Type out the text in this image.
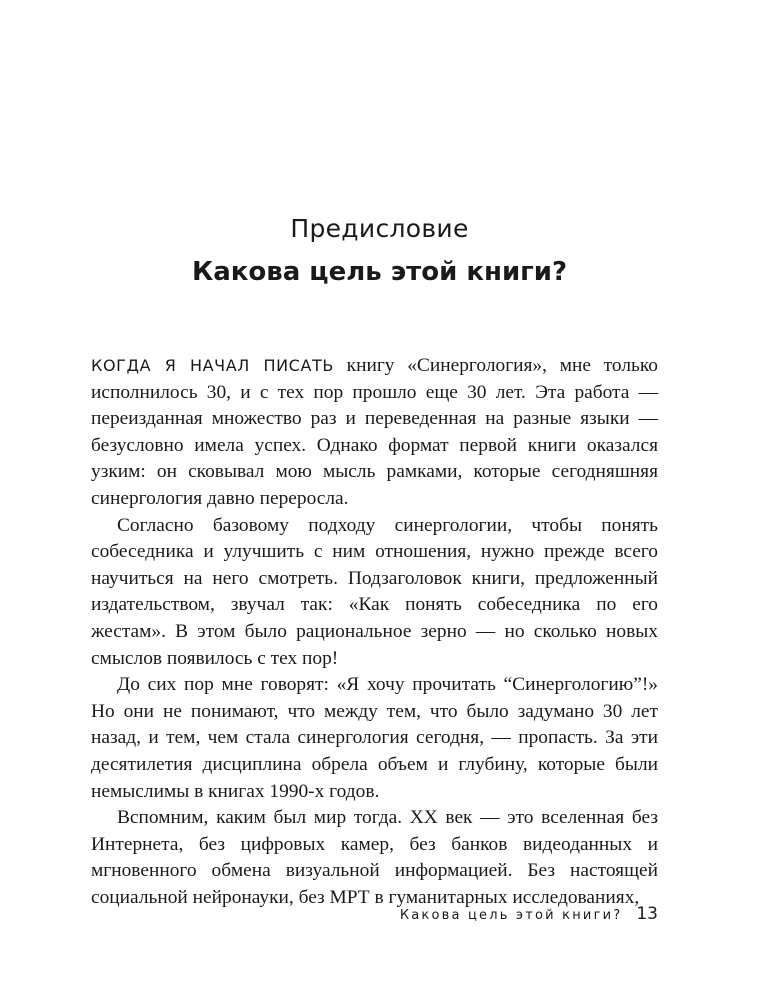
Предисловие
Какова цель этой книги?

КОГДА Я НАЧАЛ ПИСАТЬ книгу «Синергология», мне только исполнилось 30, и с тех пор прошло еще 30 лет. Эта работа — переизданная множество раз и переведенная на разные языки — безусловно имела успех. Однако формат первой книги оказался узким: он сковывал мою мысль рамками, которые сегодняшняя синергология давно переросла.

Согласно базовому подходу синергологии, чтобы понять собеседника и улучшить с ним отношения, нужно прежде всего научиться на него смотреть. Подзаголовок книги, предложенный издательством, звучал так: «Как понять собеседника по его жестам». В этом было рациональное зерно — но сколько новых смыслов появилось с тех пор!

До сих пор мне говорят: «Я хочу прочитать “Синергологию”!» Но они не понимают, что между тем, что было задумано 30 лет назад, и тем, чем стала синергология сегодня, — пропасть. За эти десятилетия дисциплина обрела объем и глубину, которые были немыслимы в книгах 1990-х годов.

Вспомним, каким был мир тогда. XX век — это вселенная без Интернета, без цифровых камер, без банков видеоданных и мгновенного обмена визуальной информацией. Без настоящей социальной нейронауки, без МРТ в гуманитарных исследованиях,

Какова цель этой книги? 13
